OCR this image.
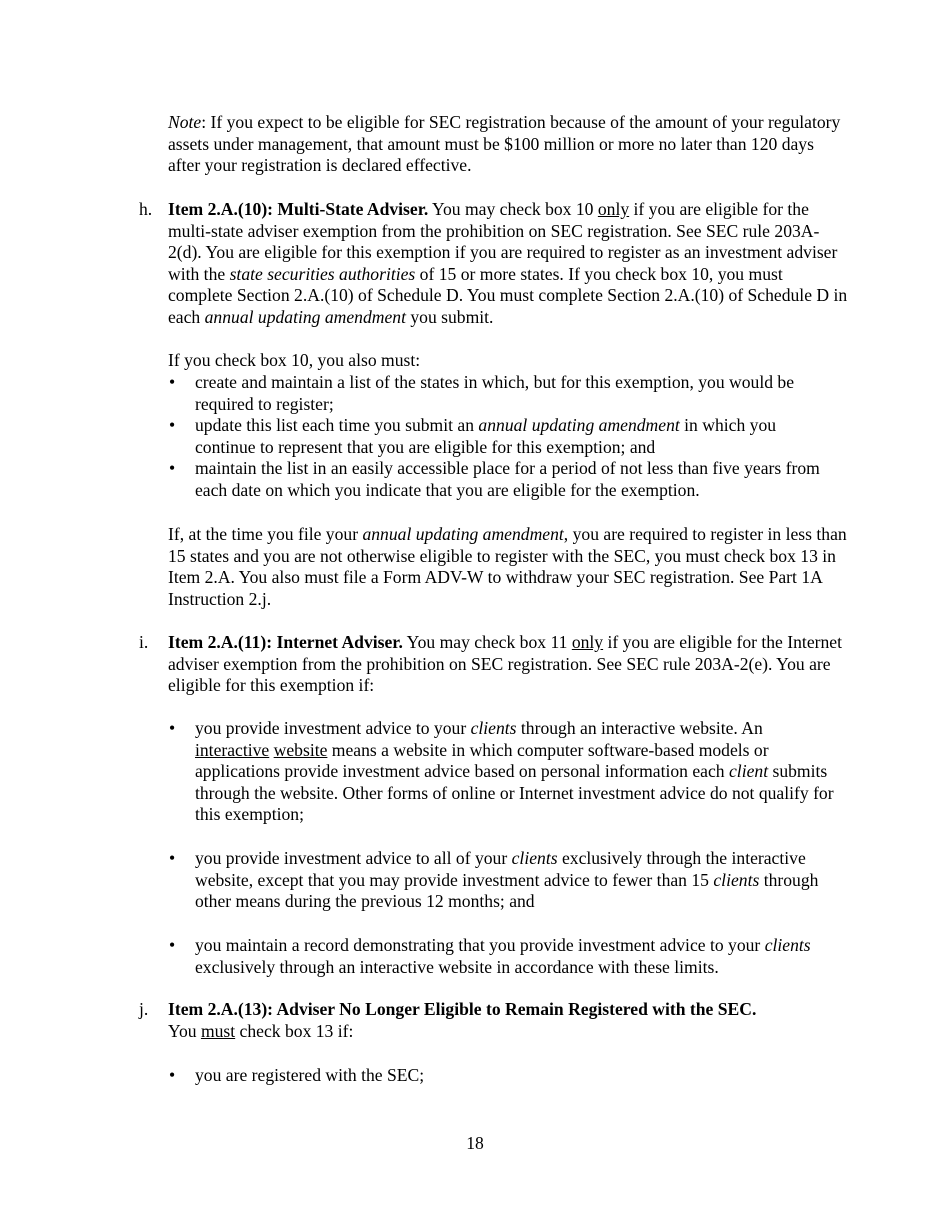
Note: If you expect to be eligible for SEC registration because of the amount of your regulatory assets under management, that amount must be $100 million or more no later than 120 days after your registration is declared effective.

h. Item 2.A.(10): Multi-State Adviser. You may check box 10 only if you are eligible for the multi-state adviser exemption from the prohibition on SEC registration. See SEC rule 203A-2(d). You are eligible for this exemption if you are required to register as an investment adviser with the state securities authorities of 15 or more states. If you check box 10, you must complete Section 2.A.(10) of Schedule D. You must complete Section 2.A.(10) of Schedule D in each annual updating amendment you submit.

If you check box 10, you also must:

• create and maintain a list of the states in which, but for this exemption, you would be required to register;
• update this list each time you submit an annual updating amendment in which you continue to represent that you are eligible for this exemption; and
• maintain the list in an easily accessible place for a period of not less than five years from each date on which you indicate that you are eligible for the exemption.

If, at the time you file your annual updating amendment, you are required to register in less than 15 states and you are not otherwise eligible to register with the SEC, you must check box 13 in Item 2.A. You also must file a Form ADV-W to withdraw your SEC registration. See Part 1A Instruction 2.j.

i. Item 2.A.(11): Internet Adviser. You may check box 11 only if you are eligible for the Internet adviser exemption from the prohibition on SEC registration. See SEC rule 203A-2(e). You are eligible for this exemption if:

• you provide investment advice to your clients through an interactive website. An interactive website means a website in which computer software-based models or applications provide investment advice based on personal information each client submits through the website. Other forms of online or Internet investment advice do not qualify for this exemption;
• you provide investment advice to all of your clients exclusively through the interactive website, except that you may provide investment advice to fewer than 15 clients through other means during the previous 12 months; and
• you maintain a record demonstrating that you provide investment advice to your clients exclusively through an interactive website in accordance with these limits.
j. Item 2.A.(13): Adviser No Longer Eligible to Remain Registered with the SEC.
You must check box 13 if:

• you are registered with the SEC;
18
